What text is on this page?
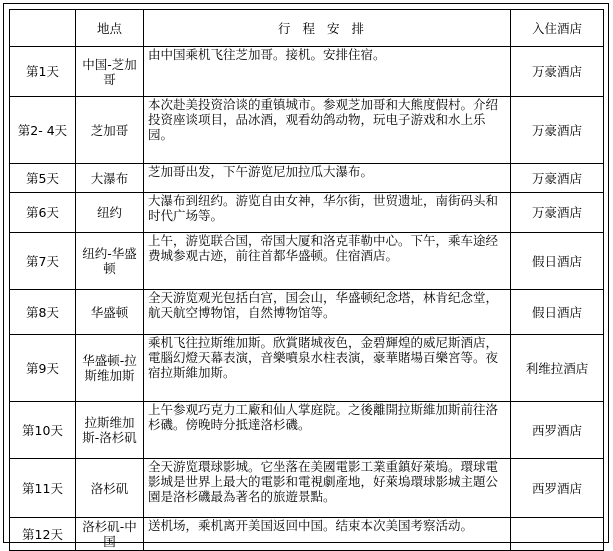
	地点	行程安排	入住酒店
第1天	中国-芝加哥	由中国乘机飞往芝加哥。接机。安排住宿。	万豪酒店
第2- 4天	芝加哥	本次赴美投资洽谈的重镇城市。参观芝加哥和大熊度假村。介绍投资座谈项目，品冰酒，观看幼鸽动物，玩电子游戏和水上乐园。	万豪酒店
第5天	大瀑布	芝加哥出发，下午游览尼加拉瓜大瀑布。	万豪酒店
第6天	纽约	大瀑布到纽约。游览自由女神，华尔街，世贸遗址，南街码头和时代广场等。	万豪酒店
第7天	纽约-华盛顿	上午，游览联合国，帝国大厦和洛克菲勒中心。下午，乘车途经费城参观古迹，前往首都华盛顿。住宿酒店。	假日酒店
第8天	华盛顿	全天游览观光包括白宫，国会山，华盛顿纪念塔，林肯纪念堂，航天航空博物馆，自然博物馆等。	假日酒店
第9天	华盛顿-拉斯维加斯	乘机飞往拉斯维加斯。欣賞賭城夜色，金碧輝煌的威尼斯酒店，電腦幻燈天幕表演，音樂噴泉水柱表演，豪華賭場百樂宮等。夜宿拉斯維加斯。	利维拉酒店
第10天	拉斯维加斯-洛杉矶	上午参观巧克力工廠和仙人掌庭院。之後離開拉斯維加斯前往洛杉磯。傍晚時分抵達洛杉磯。	西罗酒店
第11天	洛杉矶	全天游览環球影城。它坐落在美國電影工業重鎮好萊塢。環球電影城是世界上最大的電影和電視劇產地，好萊塢環球影城主題公園是洛杉磯最為著名的旅遊景點。	西罗酒店
第12天	洛杉矶-中国	送机场，乘机离开美国返回中国。结束本次美国考察活动。	
